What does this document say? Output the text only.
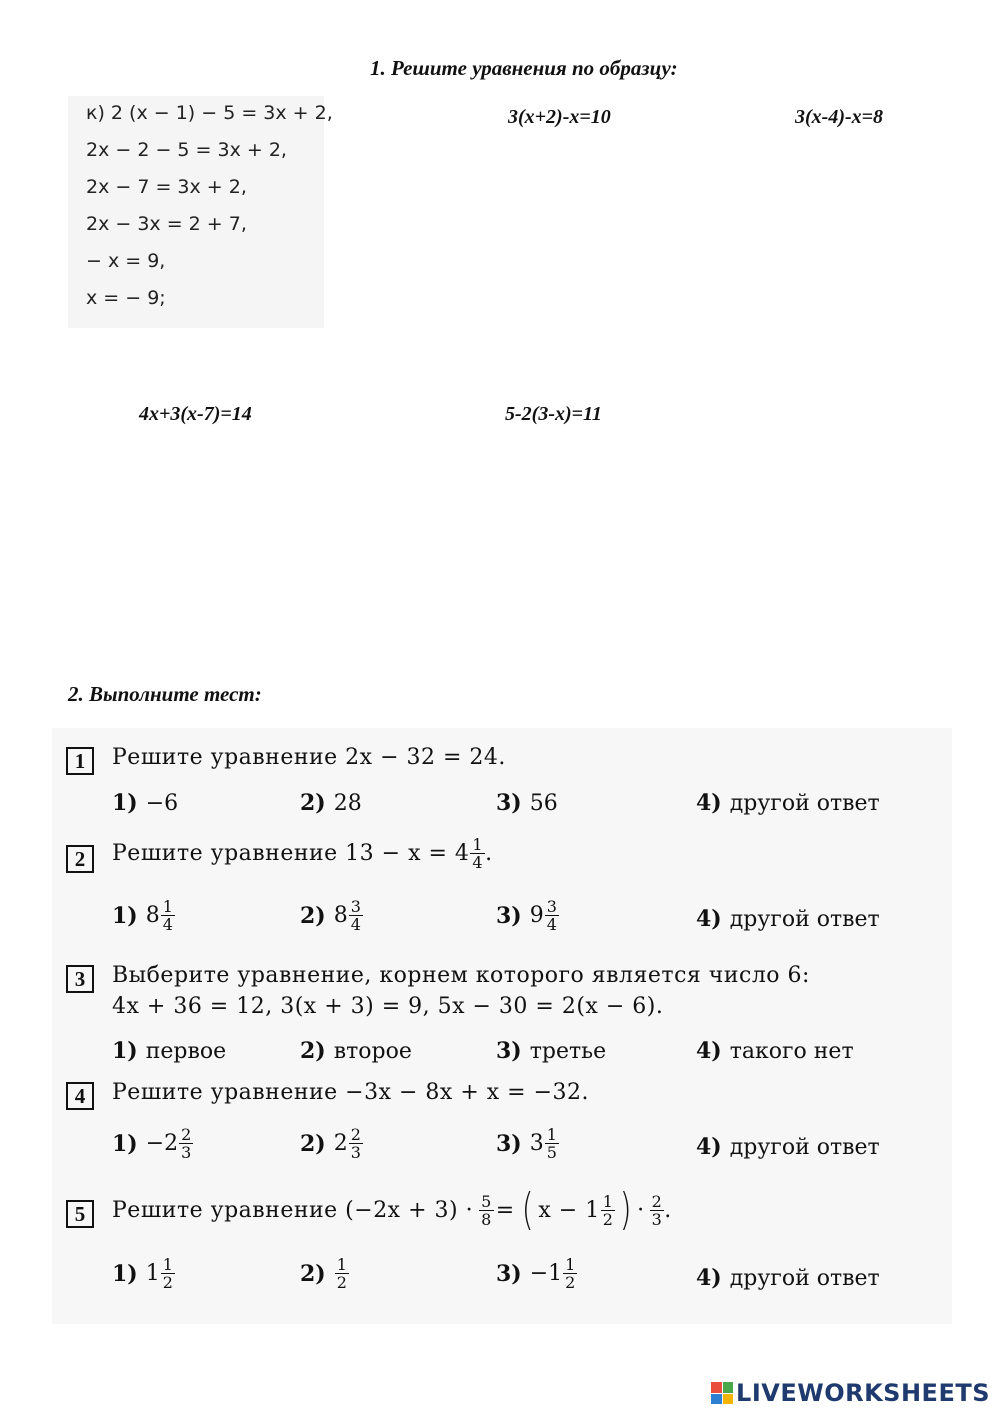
1. Решите уравнения по образцу:
к) 2 (x − 1) − 5 = 3x + 2,
2x − 2 − 5 = 3x + 2,
2x − 7 = 3x + 2,
2x − 3x = 2 + 7,
− x = 9,
x = − 9;
3(x+2)-x=10	3(x-4)-x=8
4x+3(x-7)=14	5-2(3-x)=11
2. Выполните тест:
1	Решите уравнение 2x − 32 = 24.
1) −6	2) 28	3) 56	4) другой ответ
2	Решите уравнение $13 - x = 4 \frac{1}{4}$ .
1) $8 \frac{1}{4}$	2) $8 \frac{3}{4}$	3) $9 \frac{3}{4}$	4) другой ответ
3	Выберите уравнение, корнем которого является число 6:
4x + 36 = 12, 3(x + 3) = 9, 5x − 30 = 2(x − 6).
1) первое	2) второе	3) третье	4) такого нет
4	Решите уравнение −3x − 8x + x = −32.
$1) -2 \frac{2}{3}$	2) $2 \frac{2}{3}$	3) $3 \frac{1}{5}$	4) другой ответ
5	Решите уравнение $(-2x + 3) \cdot \frac{5}{8}$ = ( $x - 1 \frac{1}{2}$ ) · $\frac{2}{3}$ .
1) $1 \frac{1}{2}$	$2) \frac{1}{2}$	$3) -1 \frac{1}{2}$	4) другой ответ
LIVEWORKSHEETS
